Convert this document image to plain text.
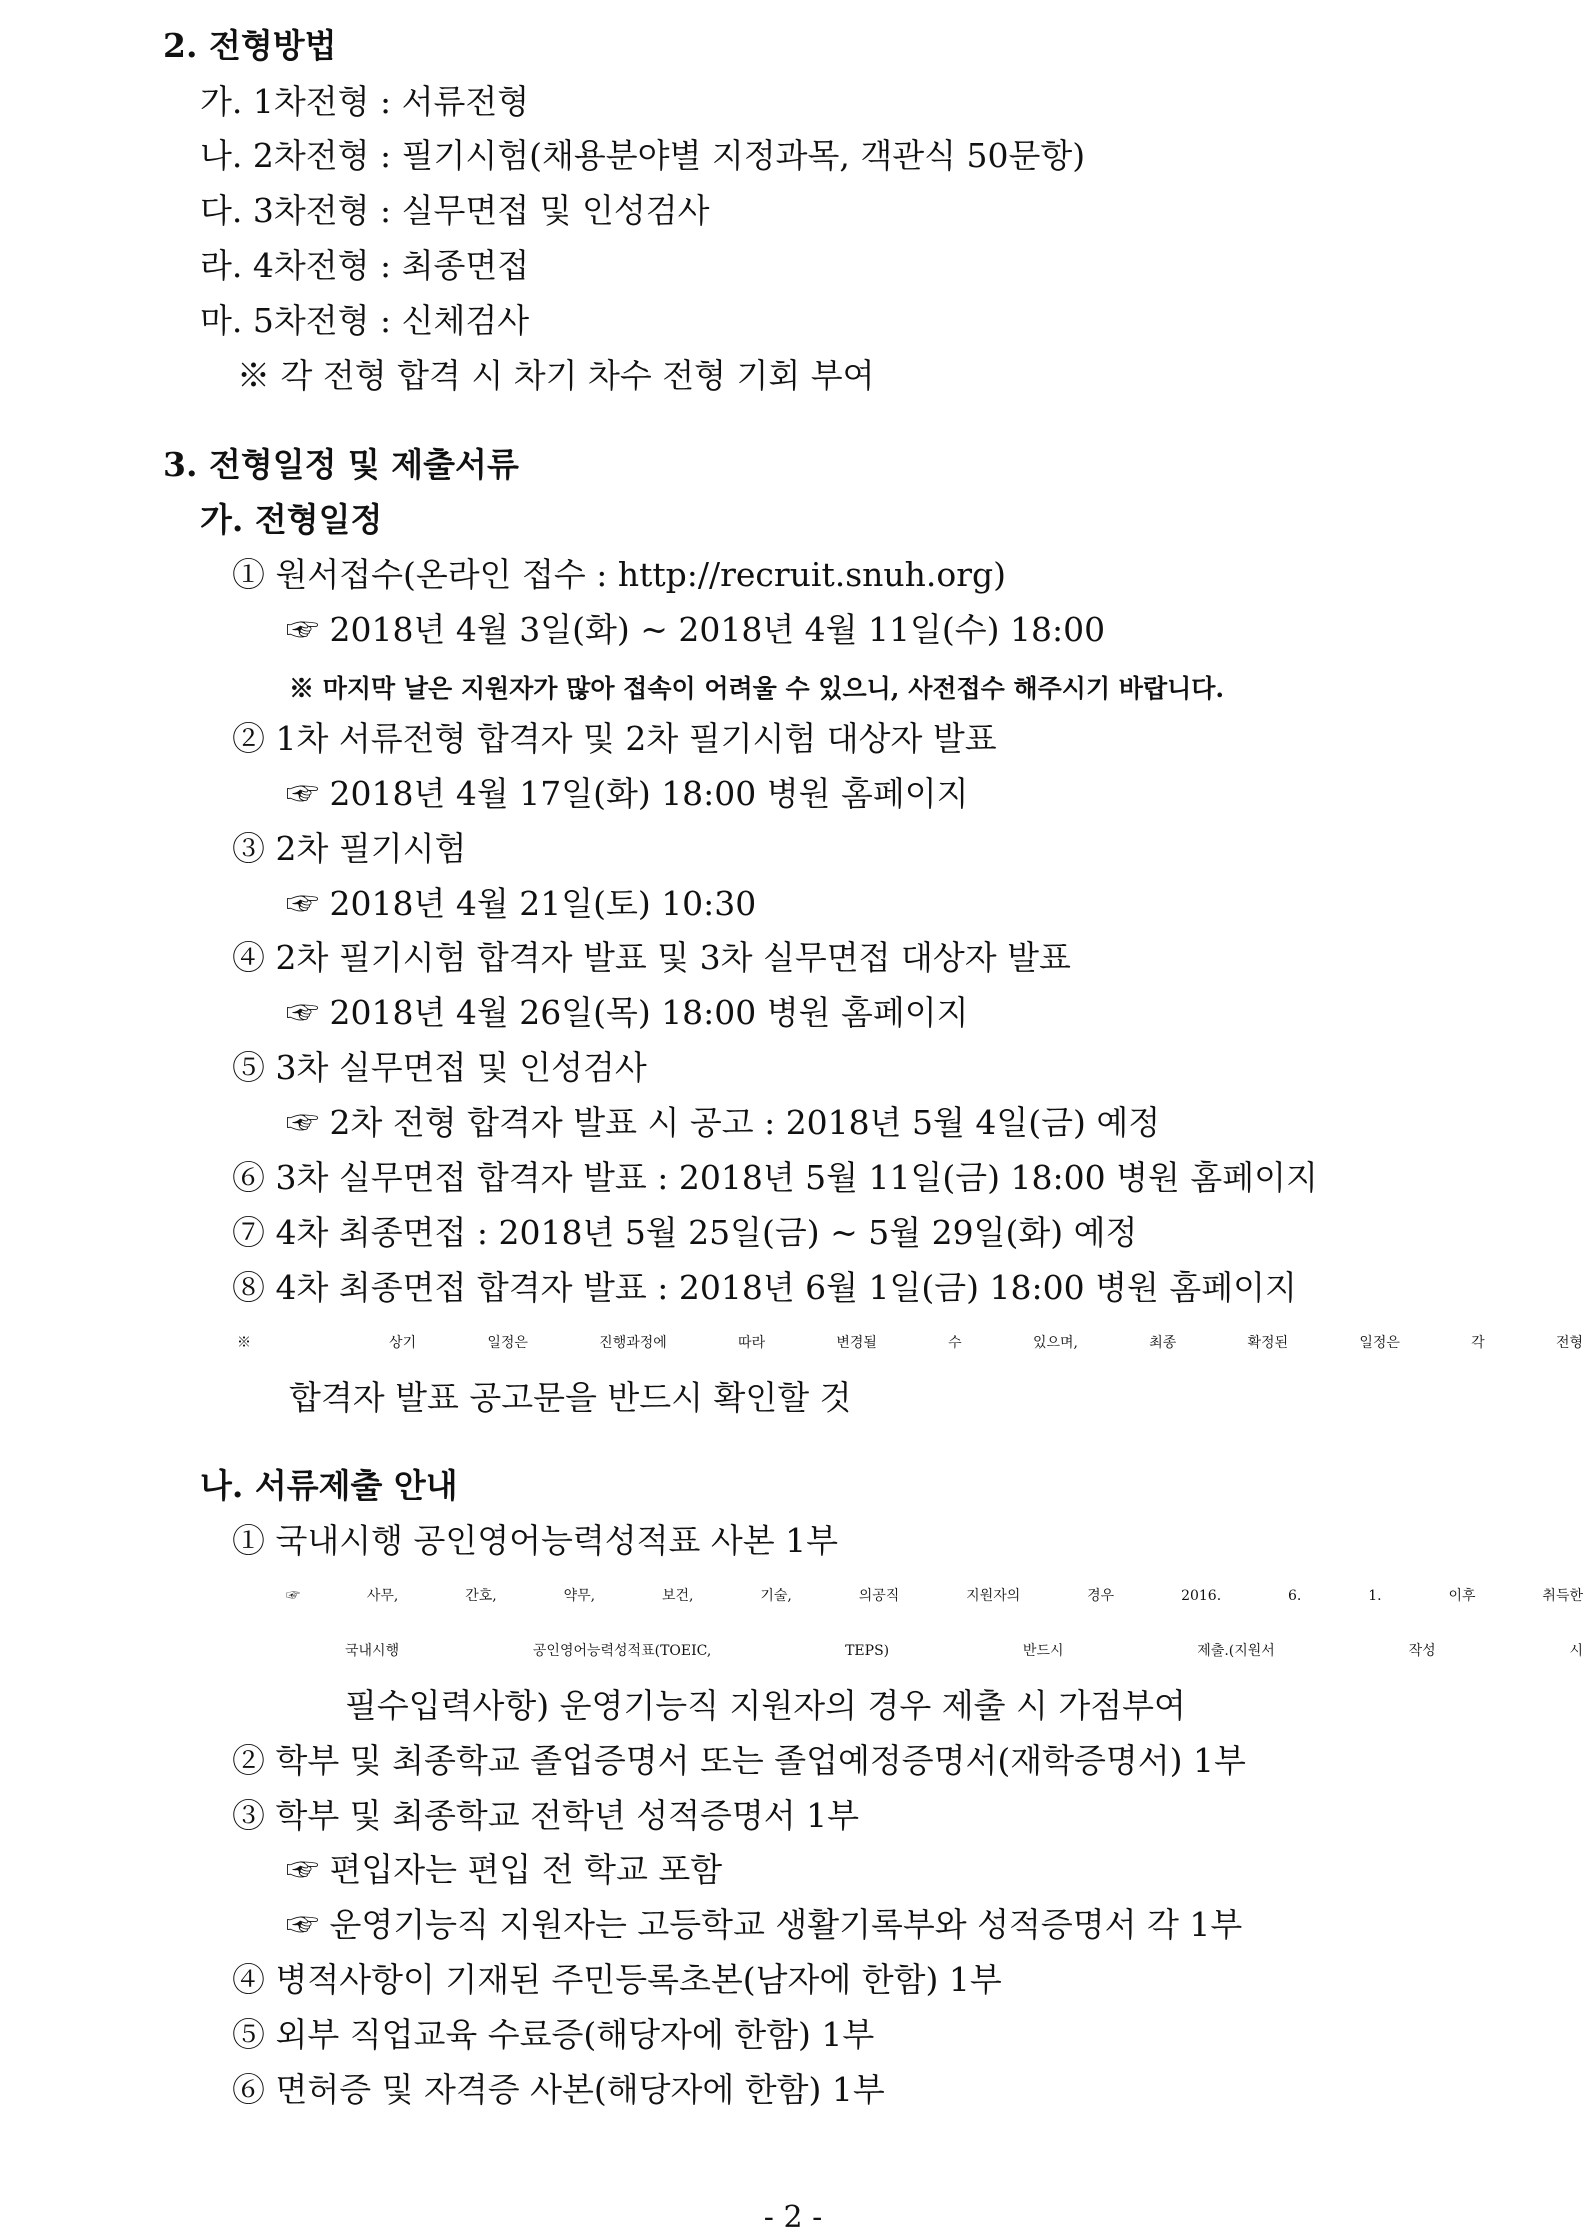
2. 전형방법
가. 1차전형 : 서류전형
나. 2차전형 : 필기시험(채용분야별 지정과목, 객관식 50문항)
다. 3차전형 : 실무면접 및 인성검사
라. 4차전형 : 최종면접
마. 5차전형 : 신체검사
※ 각 전형 합격 시 차기 차수 전형 기회 부여
3. 전형일정 및 제출서류
가. 전형일정
① 원서접수(온라인 접수 : http://recruit.snuh.org)
☞ 2018년 4월 3일(화) ~ 2018년 4월 11일(수) 18:00
※ 마지막 날은 지원자가 많아 접속이 어려울 수 있으니, 사전접수 해주시기 바랍니다.
② 1차 서류전형 합격자 및 2차 필기시험 대상자 발표
☞ 2018년 4월 17일(화) 18:00 병원 홈페이지
③ 2차 필기시험
☞ 2018년 4월 21일(토) 10:30
④ 2차 필기시험 합격자 발표 및 3차 실무면접 대상자 발표
☞ 2018년 4월 26일(목) 18:00 병원 홈페이지
⑤ 3차 실무면접 및 인성검사
☞ 2차 전형 합격자 발표 시 공고 : 2018년 5월 4일(금) 예정
⑥ 3차 실무면접 합격자 발표 : 2018년 5월 11일(금) 18:00 병원 홈페이지
⑦ 4차 최종면접 : 2018년 5월 25일(금) ~ 5월 29일(화) 예정
⑧ 4차 최종면접 합격자 발표 : 2018년 6월 1일(금) 18:00 병원 홈페이지
※ 상기 일정은 진행과정에 따라 변경될 수 있으며, 최종 확정된 일정은 각 전형
합격자 발표 공고문을 반드시 확인할 것
나. 서류제출 안내
① 국내시행 공인영어능력성적표 사본 1부
☞ 사무, 간호, 약무, 보건, 기술, 의공직 지원자의 경우 2016. 6. 1. 이후 취득한
국내시행 공인영어능력성적표(TOEIC, TEPS) 반드시 제출.(지원서 작성 시
필수입력사항) 운영기능직 지원자의 경우 제출 시 가점부여
② 학부 및 최종학교 졸업증명서 또는 졸업예정증명서(재학증명서) 1부
③ 학부 및 최종학교 전학년 성적증명서 1부
☞ 편입자는 편입 전 학교 포함
☞ 운영기능직 지원자는 고등학교 생활기록부와 성적증명서 각 1부
④ 병적사항이 기재된 주민등록초본(남자에 한함) 1부
⑤ 외부 직업교육 수료증(해당자에 한함) 1부
⑥ 면허증 및 자격증 사본(해당자에 한함) 1부
- 2 -
